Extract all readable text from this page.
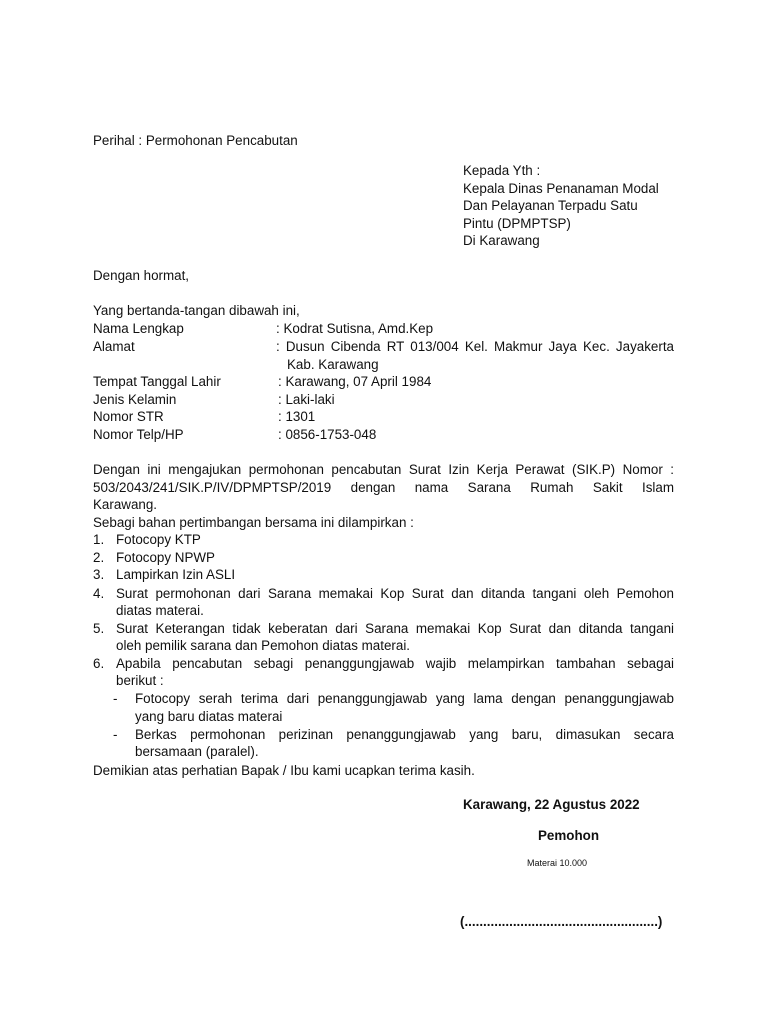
Perihal : Permohonan Pencabutan
Kepada Yth :
Kepala Dinas Penanaman Modal
Dan Pelayanan Terpadu Satu
Pintu (DPMPTSP)
Di Karawang
Dengan hormat,
Yang bertanda-tangan dibawah ini,
Nama Lengkap	: Kodrat Sutisna, Amd.Kep
Alamat	: Dusun Cibenda RT 013/004 Kel. Makmur Jaya Kec. Jayakerta
Kab. Karawang
Tempat Tanggal Lahir	: Karawang, 07 April 1984
Jenis Kelamin	: Laki-laki
Nomor STR	: 1301
Nomor Telp/HP	: 0856-1753-048
Dengan ini mengajukan permohonan pencabutan Surat Izin Kerja Perawat (SIK.P) Nomor :
503/2043/241/SIK.P/IV/DPMPTSP/2019 dengan nama Sarana Rumah Sakit Islam
Karawang.
Sebagi bahan pertimbangan bersama ini dilampirkan :
1. Fotocopy KTP
2. Fotocopy NPWP
3. Lampirkan Izin ASLI
4. Surat permohonan dari Sarana memakai Kop Surat dan ditanda tangani oleh Pemohon
diatas materai.
5. Surat Keterangan tidak keberatan dari Sarana memakai Kop Surat dan ditanda tangani
oleh pemilik sarana dan Pemohon diatas materai.
6. Apabila pencabutan sebagi penanggungjawab wajib melampirkan tambahan sebagai
berikut :
- Fotocopy serah terima dari penanggungjawab yang lama dengan penanggungjawab
yang baru diatas materai
- Berkas permohonan perizinan penanggungjawab yang baru, dimasukan secara
bersamaan (paralel).
Demikian atas perhatian Bapak / Ibu kami ucapkan terima kasih.
Karawang, 22 Agustus 2022
Pemohon
Materai 10.000
(....................................................)
